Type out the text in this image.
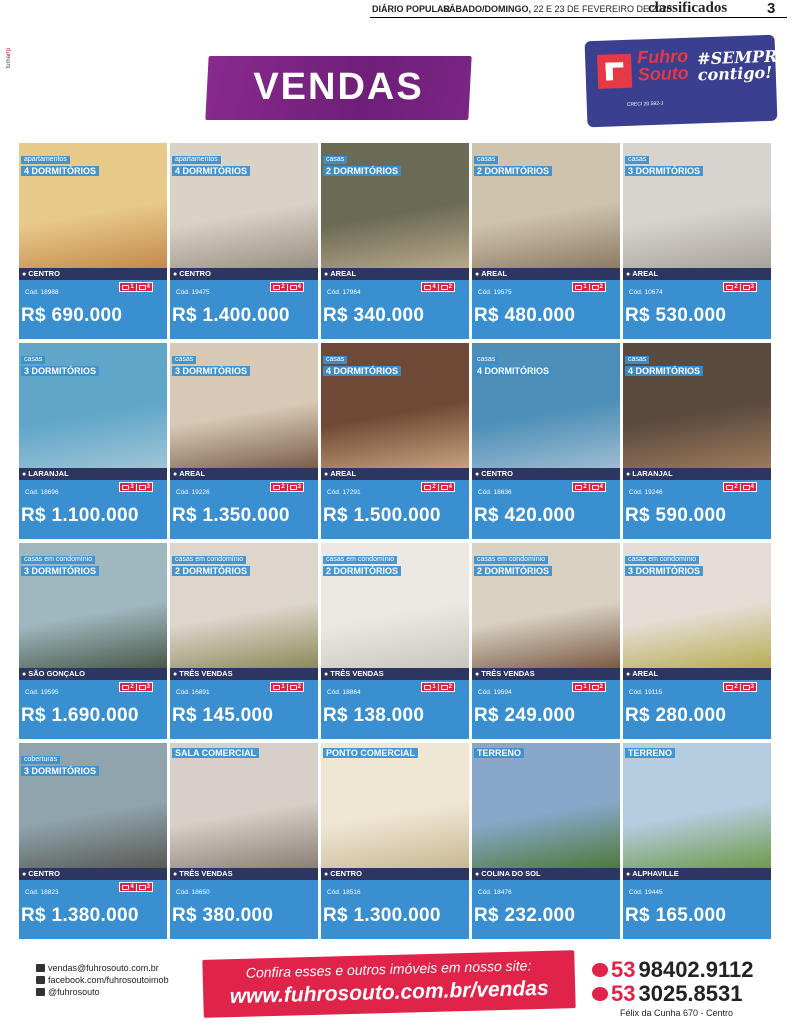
DIÁRIO POPULAR
SÁBADO/DOMINGO, 22 E 23 DE FEVEREIRO DE 2020
classificados	3
fumarfp
VENDAS
Fuhro
Souto
#SEMPRE
contigo!
CRECI 20.592-J
apartamentos
4 DORMITÓRIOS
● CENTRO
Cód. 18988
1 4
R$ 690.000
apartamentos
4 DORMITÓRIOS
● CENTRO
Cód. 19475
2 4
R$ 1.400.000
casas
2 DORMITÓRIOS
● AREAL
Cód. 17964
4 2
R$ 340.000
casas
2 DORMITÓRIOS
● AREAL
Cód. 19575
1 2
R$ 480.000
casas
3 DORMITÓRIOS
● AREAL
Cód. 10674
2 3
R$ 530.000
casas
3 DORMITÓRIOS
● LARANJAL
Cód. 18696
3 3
R$ 1.100.000
casas
3 DORMITÓRIOS
● AREAL
Cód. 19226
2 3
R$ 1.350.000
casas
4 DORMITÓRIOS
● AREAL
Cód. 17291
2 4
R$ 1.500.000
casas
4 DORMITÓRIOS
● CENTRO
Cód. 18636
2 4
R$ 420.000
casas
4 DORMITÓRIOS
● LARANJAL
Cód. 19246
2 4
R$ 590.000
casas em condomínio
3 DORMITÓRIOS
● SÃO GONÇALO
Cód. 19595
2 3
R$ 1.690.000
casas em condomínio
2 DORMITÓRIOS
● TRÊS VENDAS
Cód. 16891
1 2
R$ 145.000
casas em condomínio
2 DORMITÓRIOS
● TRÊS VENDAS
Cód. 18864
1 2
R$ 138.000
casas em condomínio
2 DORMITÓRIOS
● TRÊS VENDAS
Cód. 19594
1 2
R$ 249.000
casas em condomínio
3 DORMITÓRIOS
● AREAL
Cód. 19115
2 3
R$ 280.000
coberturas
3 DORMITÓRIOS
● CENTRO
Cód. 18823
4 3
R$ 1.380.000
SALA COMERCIAL
● TRÊS VENDAS
Cód. 18650
R$ 380.000
PONTO COMERCIAL
● CENTRO
Cód. 18516
R$ 1.300.000
TERRENO
● COLINA DO SOL
Cód. 18476
R$ 232.000
TERRENO
● ALPHAVILLE
Cód. 19445
R$ 165.000
vendas@fuhrosouto.com.br
facebook.com/fuhrosoutoimob
@fuhrosouto
Confira esses e outros imóveis em nosso site:
www.fuhrosouto.com.br/vendas
53 98402.9112
53 3025.8531
Félix da Cunha 670 - Centro
